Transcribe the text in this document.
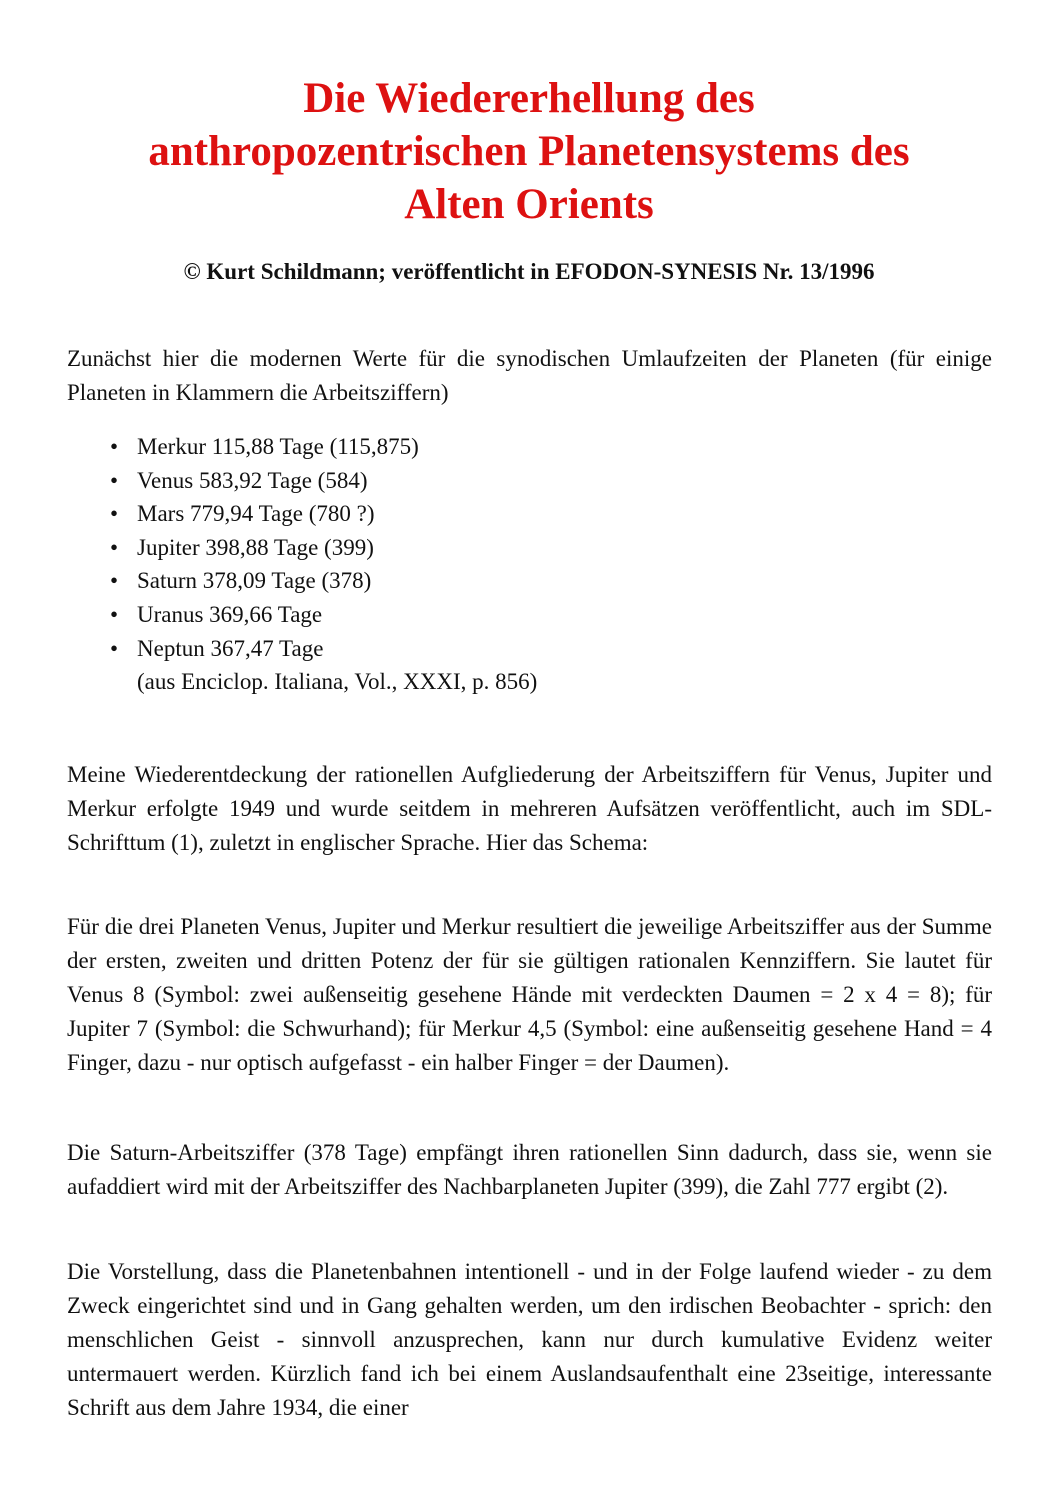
Die Wiedererhellung des
anthropozentrischen Planetensystems des
Alten Orients

© Kurt Schildmann; veröffentlicht in EFODON-SYNESIS Nr. 13/1996

Zunächst hier die modernen Werte für die synodischen Umlaufzeiten der Planeten (für einige Planeten in Klammern die Arbeitsziffern)

• Merkur 115,88 Tage (115,875)
• Venus 583,92 Tage (584)
• Mars 779,94 Tage (780 ?)
• Jupiter 398,88 Tage (399)
• Saturn 378,09 Tage (378)
• Uranus 369,66 Tage
• Neptun 367,47 Tage
(aus Enciclop. Italiana, Vol., XXXI, p. 856)

Meine Wiederentdeckung der rationellen Aufgliederung der Arbeitsziffern für Venus, Jupiter und Merkur erfolgte 1949 und wurde seitdem in mehreren Aufsätzen veröffentlicht, auch im SDL-Schrifttum (1), zuletzt in englischer Sprache. Hier das Schema:

Für die drei Planeten Venus, Jupiter und Merkur resultiert die jeweilige Arbeitsziffer aus der Summe der ersten, zweiten und dritten Potenz der für sie gültigen rationalen Kennziffern. Sie lautet für Venus 8 (Symbol: zwei außenseitig gesehene Hände mit verdeckten Daumen = 2 x 4 = 8); für Jupiter 7 (Symbol: die Schwurhand); für Merkur 4,5 (Symbol: eine außenseitig gesehene Hand = 4 Finger, dazu - nur optisch aufgefasst - ein halber Finger = der Daumen).

Die Saturn-Arbeitsziffer (378 Tage) empfängt ihren rationellen Sinn dadurch, dass sie, wenn sie aufaddiert wird mit der Arbeitsziffer des Nachbarplaneten Jupiter (399), die Zahl 777 ergibt (2).

Die Vorstellung, dass die Planetenbahnen intentionell - und in der Folge laufend wieder - zu dem Zweck eingerichtet sind und in Gang gehalten werden, um den irdischen Beobachter - sprich: den menschlichen Geist - sinnvoll anzusprechen, kann nur durch kumulative Evidenz weiter untermauert werden. Kürzlich fand ich bei einem Auslandsaufenthalt eine 23seitige, interessante Schrift aus dem Jahre 1934, die einer
